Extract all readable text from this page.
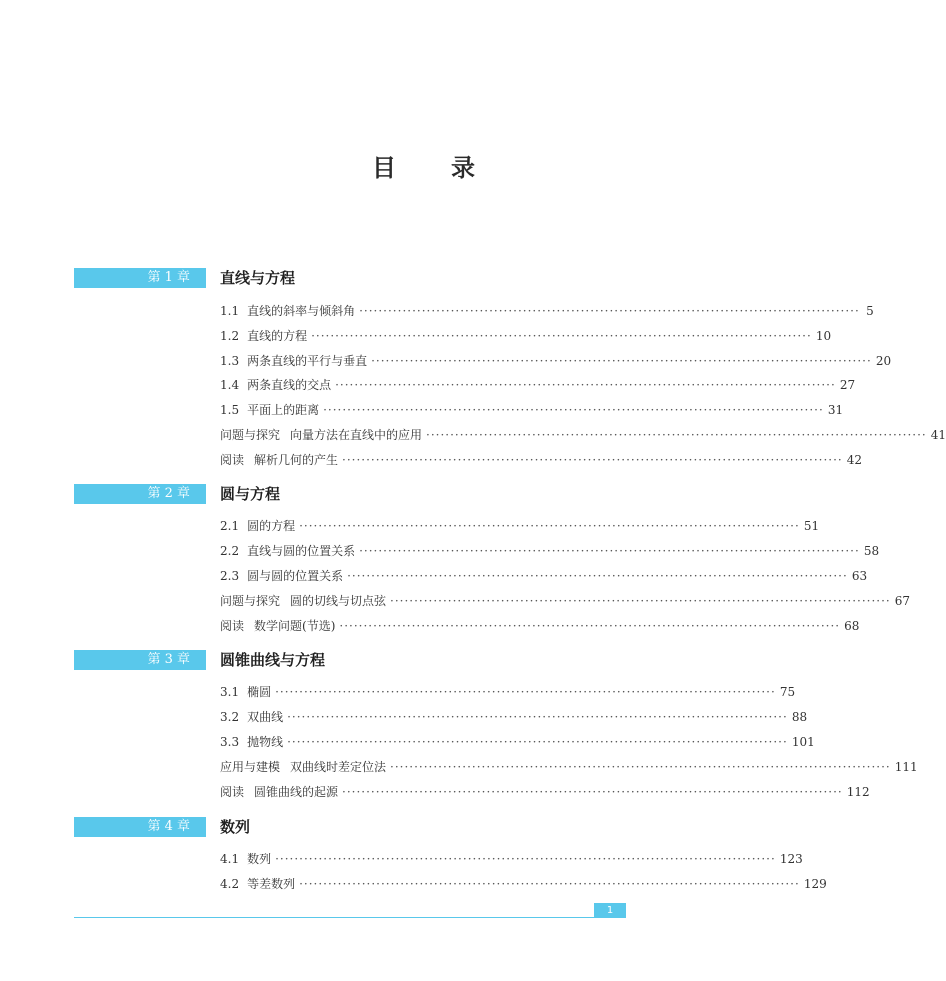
目 录
第 1 章	直线与方程
1.1 直线的斜率与倾斜角 ········································································································ 5
1.2 直线的方程 ········································································································ 10
1.3 两条直线的平行与垂直 ········································································································ 20
1.4 两条直线的交点 ········································································································ 27
1.5 平面上的距离 ········································································································ 31
问题与探究 向量方法在直线中的应用 ········································································································ 41
阅读 解析几何的产生 ········································································································ 42
第 2 章	圆与方程
2.1 圆的方程 ········································································································ 51
2.2 直线与圆的位置关系 ········································································································ 58
2.3 圆与圆的位置关系 ········································································································ 63
问题与探究 圆的切线与切点弦 ········································································································ 67
阅读 数学问题(节选) ········································································································ 68
第 3 章	圆锥曲线与方程
3.1 椭圆 ········································································································ 75
3.2 双曲线 ········································································································ 88
3.3 抛物线 ········································································································ 101
应用与建模 双曲线时差定位法 ········································································································ 111
阅读 圆锥曲线的起源 ········································································································ 112
第 4 章	数列
4.1 数列 ········································································································ 123
4.2 等差数列 ········································································································ 129
1
